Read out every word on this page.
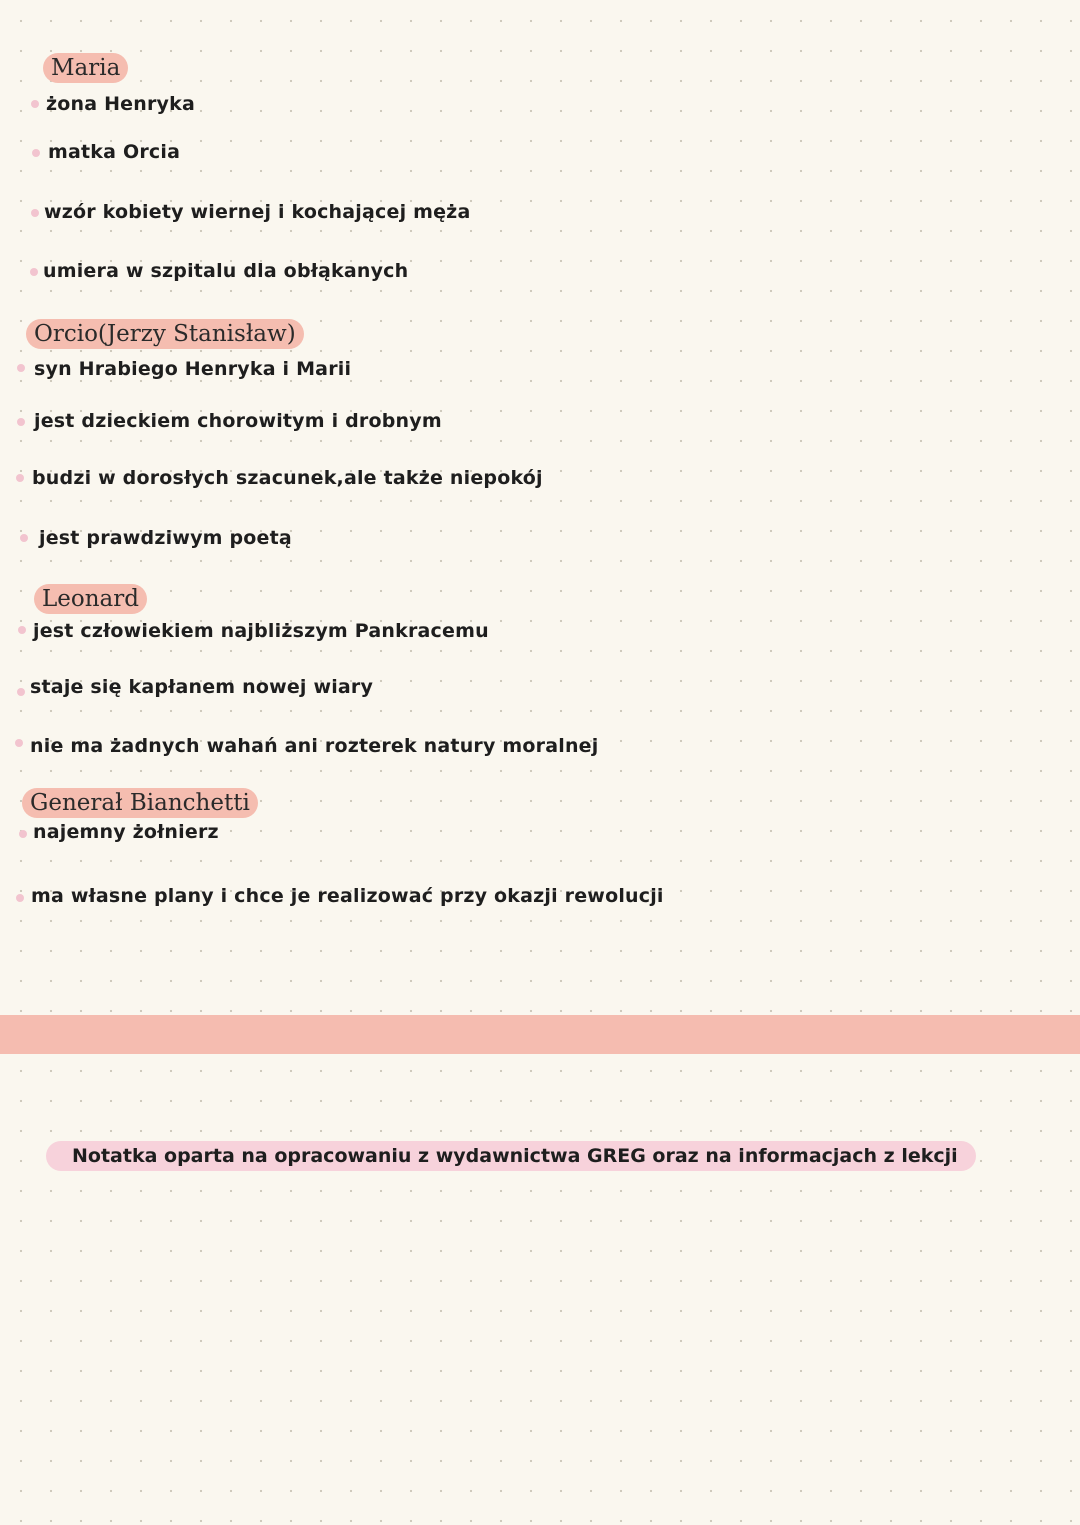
Maria
żona Henryka
matka Orcia
wzór kobiety wiernej i kochającej męża
umiera w szpitalu dla obłąkanych
Orcio(Jerzy Stanisław)
syn Hrabiego Henryka i Marii
jest dzieckiem chorowitym i drobnym
budzi w dorosłych szacunek,ale także niepokój
jest prawdziwym poetą
Leonard
jest człowiekiem najbliższym Pankracemu
staje się kapłanem nowej wiary
nie ma żadnych wahań ani rozterek natury moralnej
Generał Bianchetti
najemny żołnierz
ma własne plany i chce je realizować przy okazji rewolucji
Notatka oparta na opracowaniu z wydawnictwa GREG oraz na informacjach z lekcji
